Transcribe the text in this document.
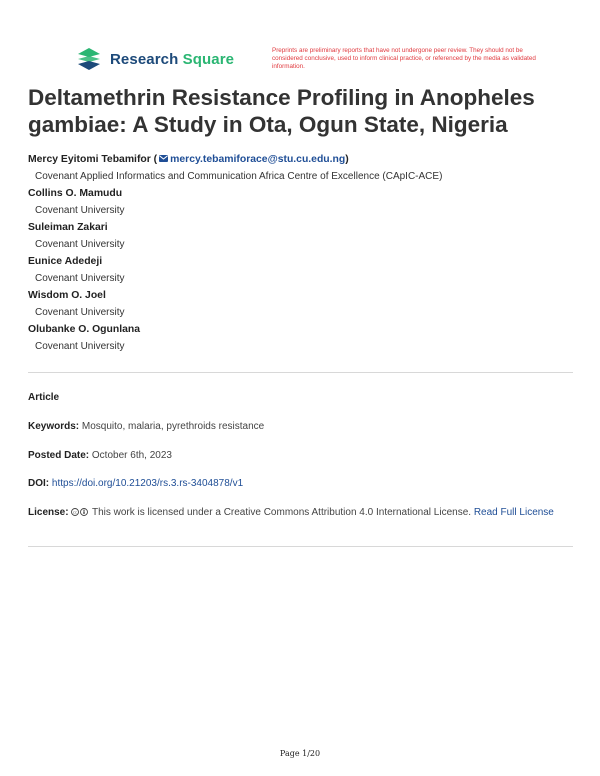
Research Square	Preprints are preliminary reports that have not undergone peer review. They should not be considered conclusive, used to inform clinical practice, or referenced by the media as validated information.
Deltamethrin Resistance Profiling in Anopheles gambiae: A Study in Ota, Ogun State, Nigeria
Mercy Eyitomi Tebamifor ( mercy.tebamiforace@stu.cu.edu.ng)
Covenant Applied Informatics and Communication Africa Centre of Excellence (CApIC-ACE)
Collins O. Mamudu
Covenant University
Suleiman Zakari
Covenant University
Eunice Adedeji
Covenant University
Wisdom O. Joel
Covenant University
Olubanke O. Ogunlana
Covenant University
Article
Keywords: Mosquito, malaria, pyrethroids resistance
Posted Date: October 6th, 2023
DOI: https://doi.org/10.21203/rs.3.rs-3404878/v1
License: cc This work is licensed under a Creative Commons Attribution 4.0 International License. Read Full License
Page 1/20
